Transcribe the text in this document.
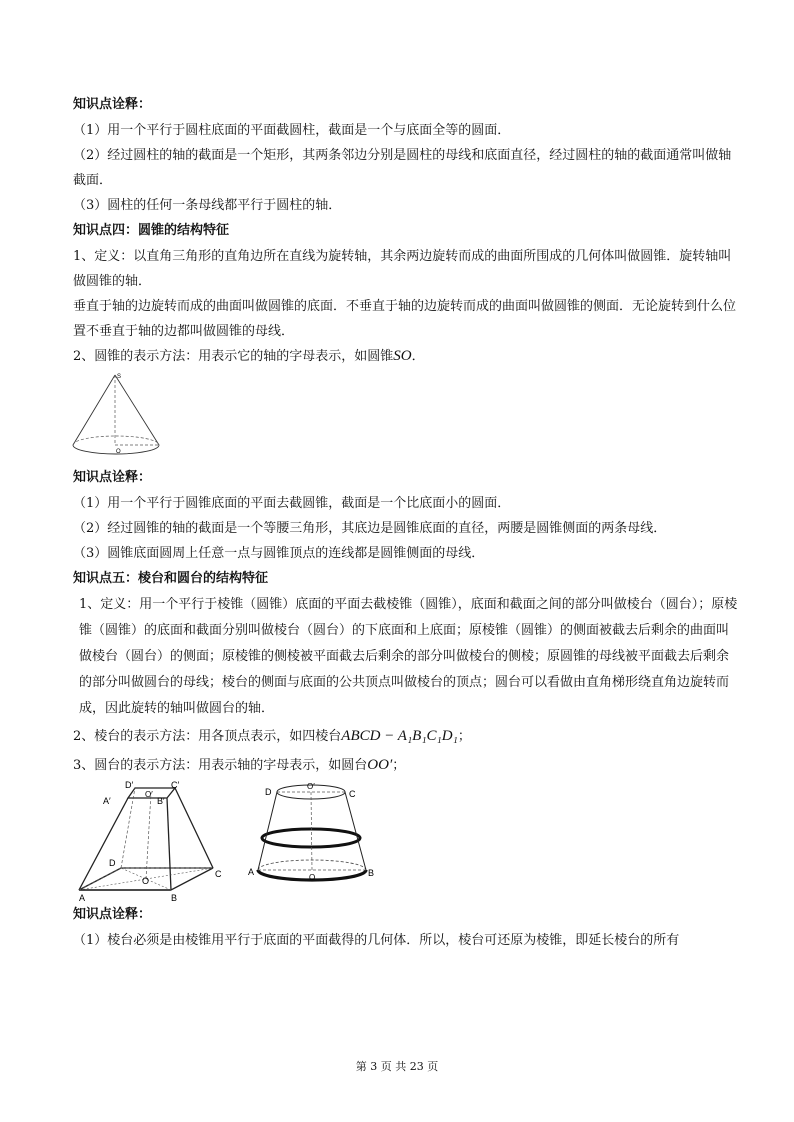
知识点诠释：

（1）用一个平行于圆柱底面的平面截圆柱，截面是一个与底面全等的圆面．

（2）经过圆柱的轴的截面是一个矩形，其两条邻边分别是圆柱的母线和底面直径，经过圆柱的轴的截面通常叫做轴截面．

（3）圆柱的任何一条母线都平行于圆柱的轴．

知识点四：圆锥的结构特征

1、定义：以直角三角形的直角边所在直线为旋转轴，其余两边旋转而成的曲面所围成的几何体叫做圆锥．旋转轴叫做圆锥的轴．

垂直于轴的边旋转而成的曲面叫做圆锥的底面．不垂直于轴的边旋转而成的曲面叫做圆锥的侧面．无论旋转到什么位置不垂直于轴的边都叫做圆锥的母线．

2、圆锥的表示方法：用表示它的轴的字母表示，如圆锥SO．

S
O

知识点诠释：

（1）用一个平行于圆锥底面的平面去截圆锥，截面是一个比底面小的圆面．

（2）经过圆锥的轴的截面是一个等腰三角形，其底边是圆锥底面的直径，两腰是圆锥侧面的两条母线．

（3）圆锥底面圆周上任意一点与圆锥顶点的连线都是圆锥侧面的母线．

知识点五：棱台和圆台的结构特征

1、定义：用一个平行于棱锥（圆锥）底面的平面去截棱锥（圆锥），底面和截面之间的部分叫做棱台（圆台）；原棱锥（圆锥）的底面和截面分别叫做棱台（圆台）的下底面和上底面；原棱锥（圆锥）的侧面被截去后剩余的曲面叫做棱台（圆台）的侧面；原棱锥的侧棱被平面截去后剩余的部分叫做棱台的侧棱；原圆锥的母线被平面截去后剩余的部分叫做圆台的母线；棱台的侧面与底面的公共顶点叫做棱台的顶点；圆台可以看做由直角梯形绕直角边旋转而成，因此旋转的轴叫做圆台的轴．

2、棱台的表示方法：用各顶点表示，如四棱台ABCD − A₁B₁C₁D₁；

3、圆台的表示方法：用表示轴的字母表示，如圆台OO′；

D′	C′
A′
O′
B′
D
C
O
A	B
D
O′
C
A
O	B

知识点诠释：

（1）棱台必须是由棱锥用平行于底面的平面截得的几何体．所以，棱台可还原为棱锥，即延长棱台的所有

第 3 页 共 23 页
